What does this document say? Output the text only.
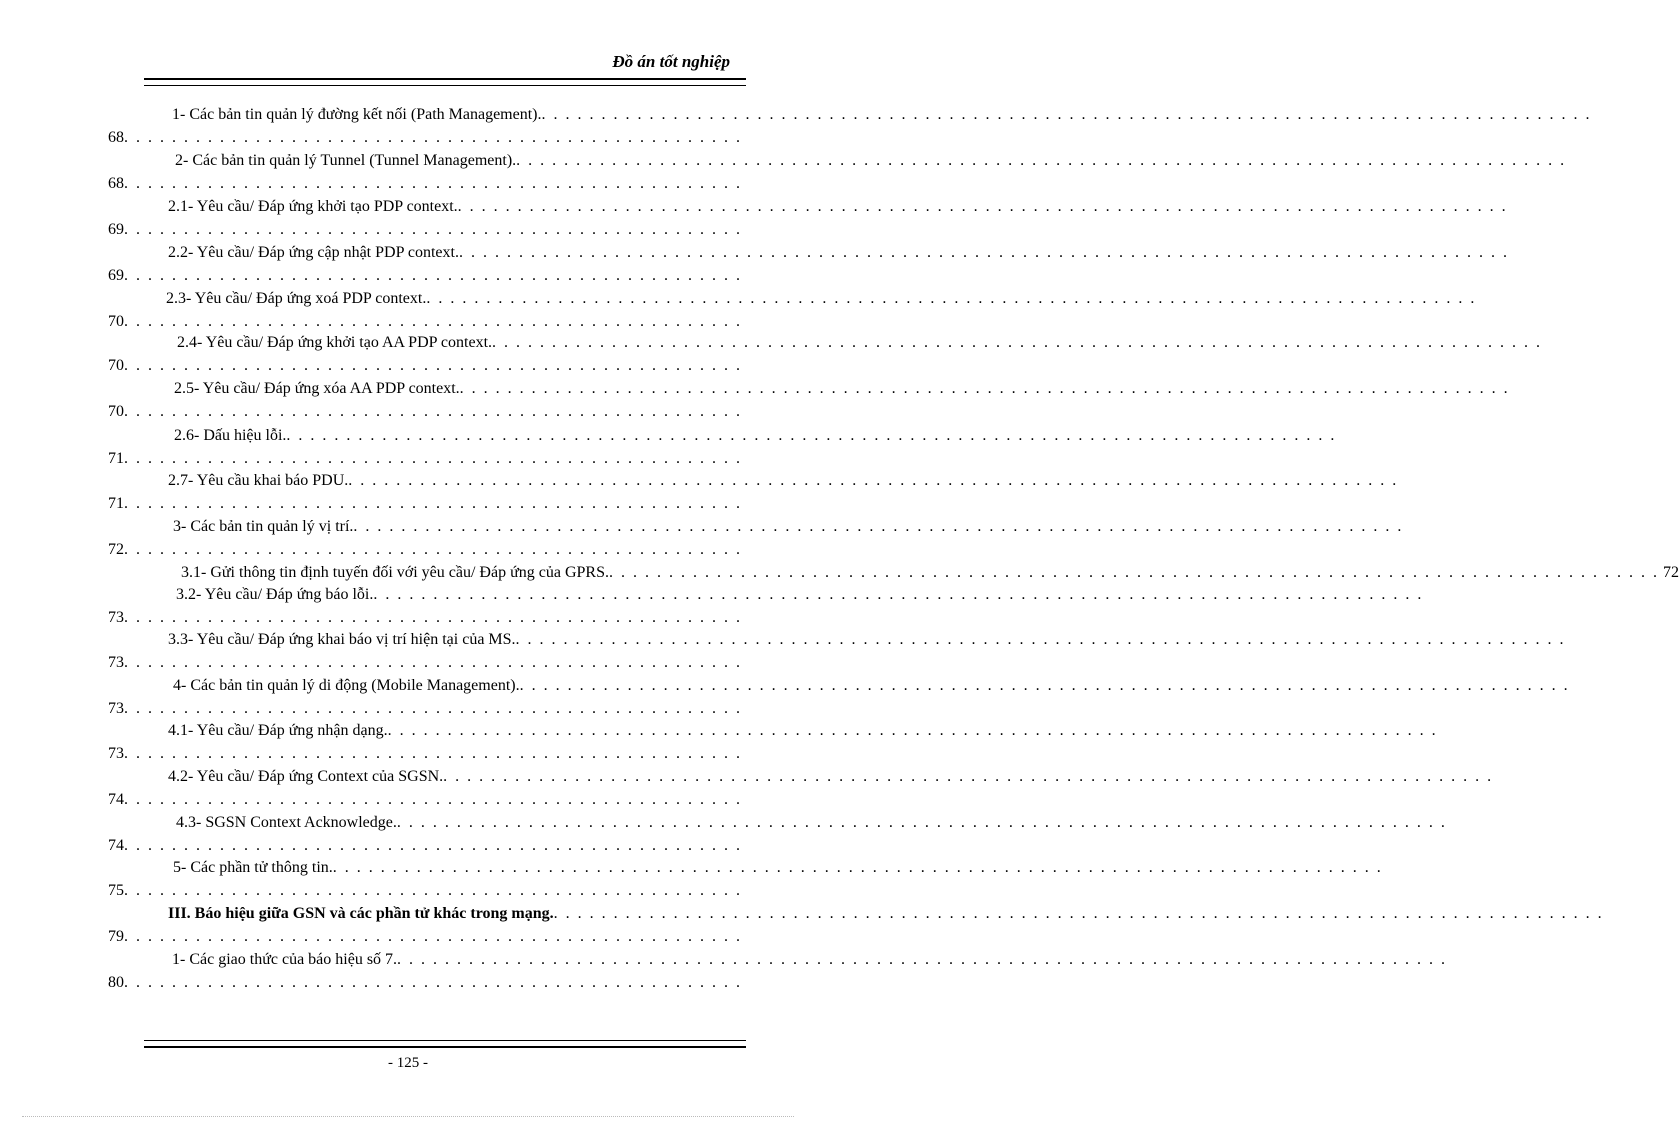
Đồ án tốt nghiệp
1- Các bản tin quản lý đường kết nối (Path Management).
. . .
. . . 68
2- Các bản tin quản lý Tunnel (Tunnel Management).
. . .
. . . 68
2.1- Yêu cầu/ Đáp ứng khởi tạo PDP context.
. . .
. . . 69
2.2- Yêu cầu/ Đáp ứng cập nhật PDP context.
. . .
. . . 69
2.3- Yêu cầu/ Đáp ứng xoá PDP context.
. . .
. . . 70
2.4- Yêu cầu/ Đáp ứng khởi tạo AA PDP context.
. . .
. . . 70
2.5- Yêu cầu/ Đáp ứng xóa AA PDP context.
. . .
. . . 70
2.6- Dấu hiệu lỗi.
. . .
. . . 71
2.7- Yêu cầu khai báo PDU.
. . .
. . . 71
3- Các bản tin quản lý vị trí.
. . .
. . . 72
3.1- Gửi thông tin định tuyến đối với yêu cầu/ Đáp ứng của GPRS. . . .	72
3.2- Yêu cầu/ Đáp ứng báo lỗi.
. . .
. . . 73
3.3- Yêu cầu/ Đáp ứng khai báo vị trí hiện tại của MS.
. . .
. . . 73
4- Các bản tin quản lý di động (Mobile Management).
. . .
. . . 73
4.1- Yêu cầu/ Đáp ứng nhận dạng.
. . .
. . . 73
4.2- Yêu cầu/ Đáp ứng Context của SGSN.
. . .
. . . 74
4.3- SGSN Context Acknowledge.
. . .
. . . 74
5- Các phần tử thông tin.
. . .
. . . 75
III. Báo hiệu giữa GSN và các phần tử khác trong mạng.
. . .
. . . 79
1- Các giao thức của báo hiệu số 7.
. . .
. . . 80
- 125 -
